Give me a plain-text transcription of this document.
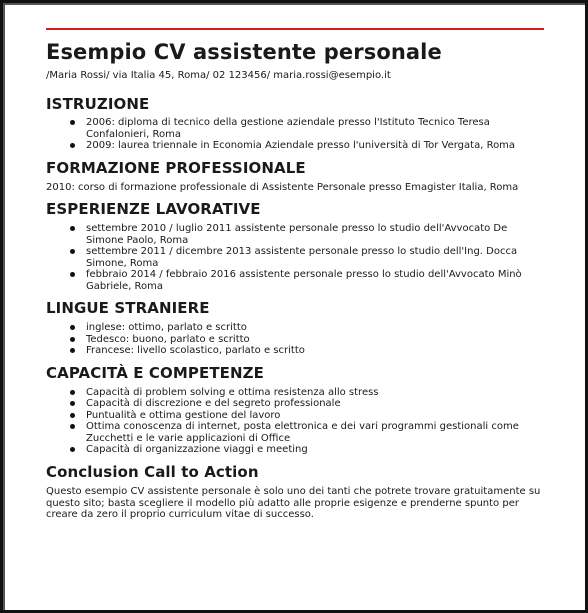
Esempio CV assistente personale
/Maria Rossi/ via Italia 45, Roma/ 02 123456/ maria.rossi@esempio.it
ISTRUZIONE
2006: diploma di tecnico della gestione aziendale presso l'Istituto Tecnico Teresa Confalonieri, Roma
2009: laurea triennale in Economia Aziendale presso l'università di Tor Vergata, Roma
FORMAZIONE PROFESSIONALE

2010: corso di formazione professionale di Assistente Personale presso Emagister Italia, Roma

ESPERIENZE LAVORATIVE
settembre 2010 / luglio 2011 assistente personale presso lo studio dell'Avvocato De Simone Paolo, Roma
settembre 2011 / dicembre 2013 assistente personale presso lo studio dell'Ing. Docca Simone, Roma
febbraio 2014 / febbraio 2016 assistente personale presso lo studio dell'Avvocato Minò Gabriele, Roma
LINGUE STRANIERE
inglese: ottimo, parlato e scritto
Tedesco: buono, parlato e scritto
Francese: livello scolastico, parlato e scritto
CAPACITÀ E COMPETENZE
Capacità di problem solving e ottima resistenza allo stress
Capacità di discrezione e del segreto professionale
Puntualità e ottima gestione del lavoro
Ottima conoscenza di internet, posta elettronica e dei vari programmi gestionali come Zucchetti e le varie applicazioni di Office
Capacità di organizzazione viaggi e meeting
Conclusion Call to Action

Questo esempio CV assistente personale è solo uno dei tanti che potrete trovare gratuitamente su questo sito; basta scegliere il modello più adatto alle proprie esigenze e prenderne spunto per creare da zero il proprio curriculum vitae di successo.
